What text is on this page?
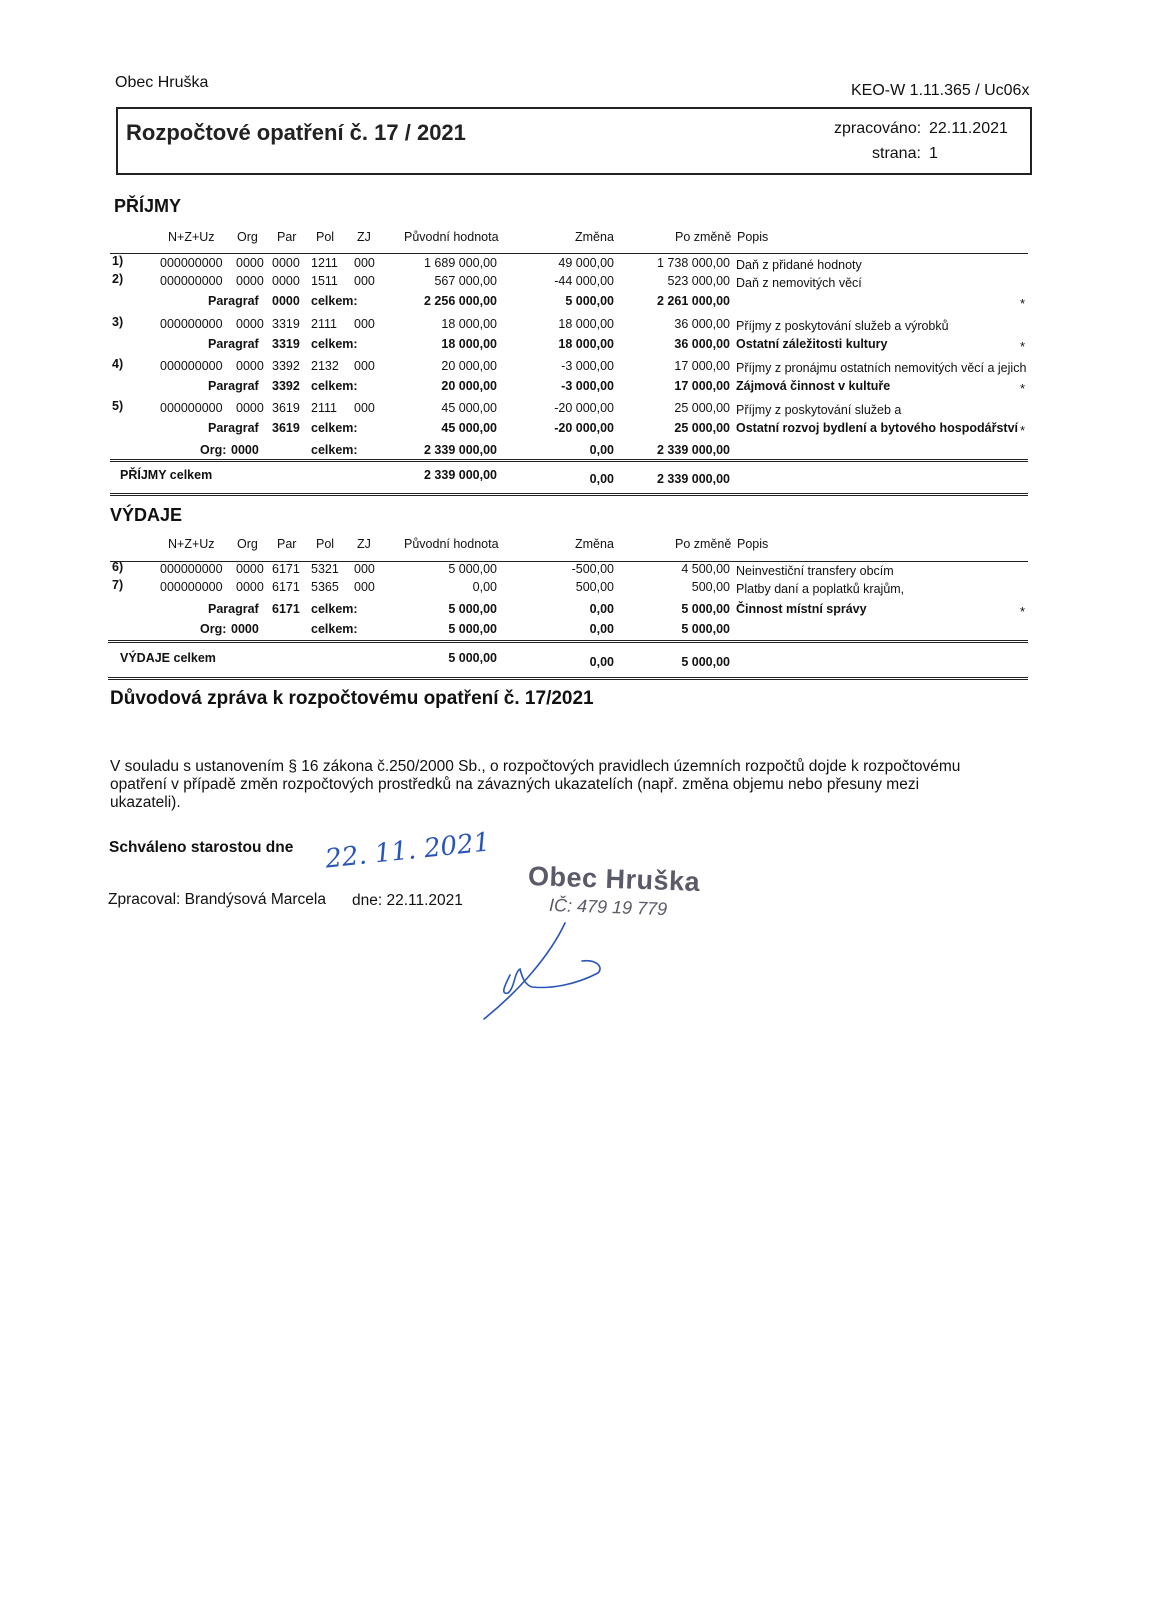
Obec Hruška	KEO-W 1.11.365 / Uc06x
Rozpočtové opatření č. 17 / 2021	zpracováno: 22.11.2021
strana: 1
PŘÍJMY
N+Z+Uz Org Par Pol ZJ	Původní hodnota	Změna	Po změně Popis
1)	000000000 0000 0000 1211 000	1 689 000,00	49 000,00	1 738 000,00 Daň z přidané hodnoty
2)	000000000 0000 0000 1511 000	567 000,00	-44 000,00	523 000,00 Daň z nemovitých věcí
Paragraf 0000 celkem:	2 256 000,00	5 000,00	2 261 000,00	*
3)	000000000 0000 3319 2111 000	18 000,00	18 000,00	36 000,00 Příjmy z poskytování služeb a výrobků
Paragraf 3319 celkem:	18 000,00	18 000,00	36 000,00 Ostatní záležitosti kultury	*
4)	000000000 0000 3392 2132 000	20 000,00	-3 000,00	17 000,00 Příjmy z pronájmu ostatních nemovitých věcí a jejich
Paragraf 3392 celkem:	20 000,00	-3 000,00	17 000,00 Zájmová činnost v kultuře	*
5)	000000000 0000 3619 2111 000	45 000,00	-20 000,00	25 000,00 Příjmy z poskytování služeb a
Paragraf 3619 celkem:	45 000,00	-20 000,00	25 000,00 Ostatní rozvoj bydlení a bytového hospodářství *
Org: 0000	celkem:	2 339 000,00	0,00	2 339 000,00
PŘÍJMY celkem	2 339 000,00	0,00	2 339 000,00
VÝDAJE
N+Z+Uz Org Par Pol ZJ	Původní hodnota	Změna	Po změně Popis
6)	000000000 0000 6171 5321 000	5 000,00	-500,00	4 500,00 Neinvestiční transfery obcím
7)	000000000 0000 6171 5365 000	0,00	500,00	500,00 Platby daní a poplatků krajům,
Paragraf 6171 celkem:	5 000,00	0,00	5 000,00 Činnost místní správy	*
Org: 0000	celkem:	5 000,00	0,00	5 000,00
VÝDAJE celkem	5 000,00	0,00	5 000,00
Důvodová zpráva k rozpočtovému opatření č. 17/2021
V souladu s ustanovením § 16 zákona č.250/2000 Sb., o rozpočtových pravidlech územních rozpočtů dojde k rozpočtovému
opatření v případě změn rozpočtových prostředků na závazných ukazatelích (např. změna objemu nebo přesuny mezi
ukazateli).
Schváleno starostou dne 22. 11. 2021
Zpracoval: Brandýsová Marcela dne: 22.11.2021
Obec Hruška
IČ: 479 19 779
